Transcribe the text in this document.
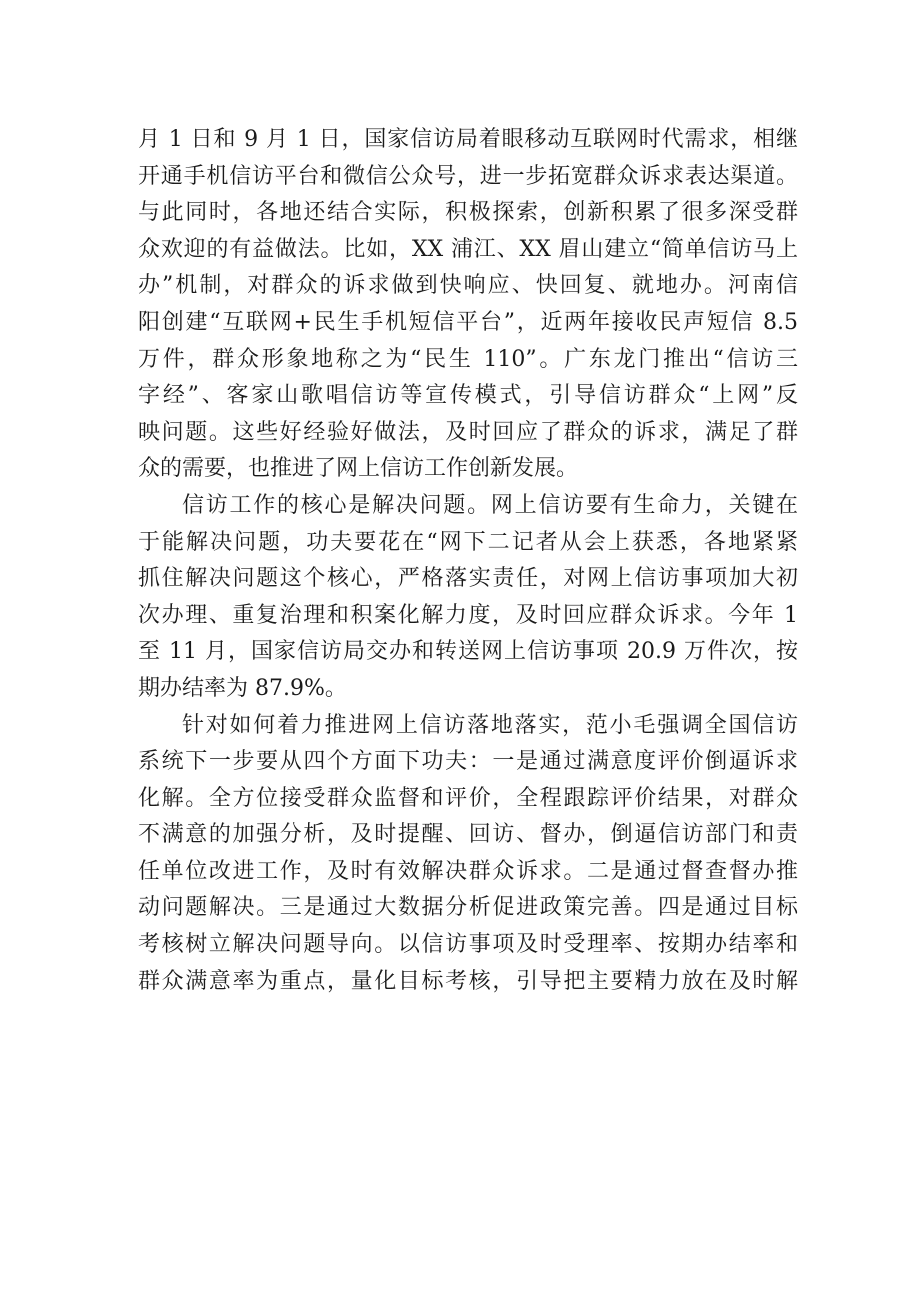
月 1 日和 9 月 1 日，国家信访局着眼移动互联网时代需求，相继
开通手机信访平台和微信公众号，进一步拓宽群众诉求表达渠道。
与此同时，各地还结合实际，积极探索，创新积累了很多深受群
众欢迎的有益做法。比如，XX 浦江、XX 眉山建立“简单信访马上
办”机制，对群众的诉求做到快响应、快回复、就地办。河南信
阳创建“互联网+民生手机短信平台”，近两年接收民声短信 8.5
万件，群众形象地称之为“民生 110”。广东龙门推出“信访三
字经”、客家山歌唱信访等宣传模式，引导信访群众“上网”反
映问题。这些好经验好做法，及时回应了群众的诉求，满足了群
众的需要，也推进了网上信访工作创新发展。
信访工作的核心是解决问题。网上信访要有生命力，关键在
于能解决问题，功夫要花在“网下二记者从会上获悉，各地紧紧
抓住解决问题这个核心，严格落实责任，对网上信访事项加大初
次办理、重复治理和积案化解力度，及时回应群众诉求。今年 1
至 11 月，国家信访局交办和转送网上信访事项 20.9 万件次，按
期办结率为 87.9%。
针对如何着力推进网上信访落地落实，范小毛强调全国信访
系统下一步要从四个方面下功夫：一是通过满意度评价倒逼诉求
化解。全方位接受群众监督和评价，全程跟踪评价结果，对群众
不满意的加强分析，及时提醒、回访、督办，倒逼信访部门和责
任单位改进工作，及时有效解决群众诉求。二是通过督查督办推
动问题解决。三是通过大数据分析促进政策完善。四是通过目标
考核树立解决问题导向。以信访事项及时受理率、按期办结率和
群众满意率为重点，量化目标考核，引导把主要精力放在及时解
